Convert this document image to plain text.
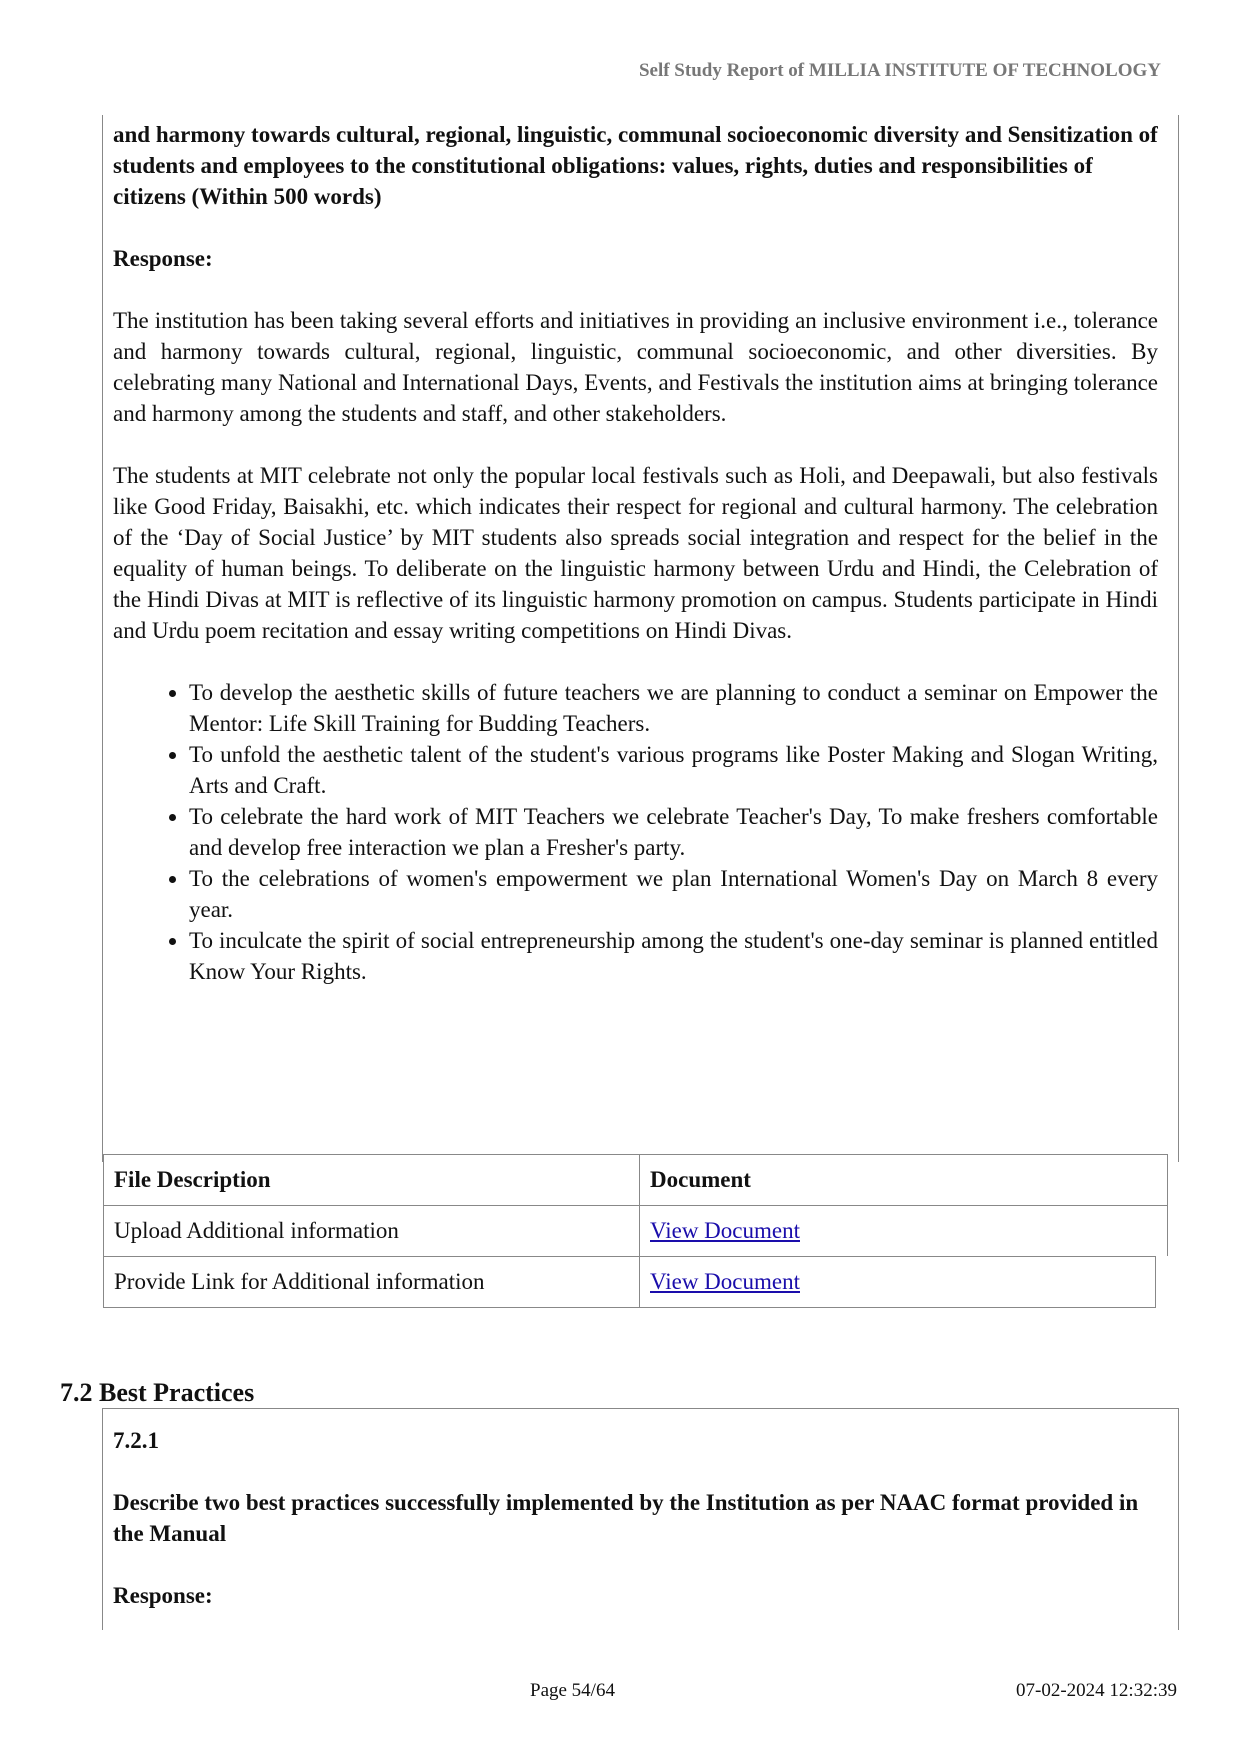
Self Study Report of MILLIA INSTITUTE OF TECHNOLOGY

and harmony towards cultural, regional, linguistic, communal socioeconomic diversity and Sensitization of students and employees to the constitutional obligations: values, rights, duties and responsibilities of citizens (Within 500 words)

Response:

The institution has been taking several efforts and initiatives in providing an inclusive environment i.e., tolerance and harmony towards cultural, regional, linguistic, communal socioeconomic, and other diversities. By celebrating many National and International Days, Events, and Festivals the institution aims at bringing tolerance and harmony among the students and staff, and other stakeholders.

The students at MIT celebrate not only the popular local festivals such as Holi, and Deepawali, but also festivals like Good Friday, Baisakhi, etc. which indicates their respect for regional and cultural harmony. The celebration of the ‘Day of Social Justice’ by MIT students also spreads social integration and respect for the belief in the equality of human beings. To deliberate on the linguistic harmony between Urdu and Hindi, the Celebration of the Hindi Divas at MIT is reflective of its linguistic harmony promotion on campus. Students participate in Hindi and Urdu poem recitation and essay writing competitions on Hindi Divas.

• To develop the aesthetic skills of future teachers we are planning to conduct a seminar on Empower the Mentor: Life Skill Training for Budding Teachers.
• To unfold the aesthetic talent of the student's various programs like Poster Making and Slogan Writing, Arts and Craft.
• To celebrate the hard work of MIT Teachers we celebrate Teacher's Day, To make freshers comfortable and develop free interaction we plan a Fresher's party.
• To the celebrations of women's empowerment we plan International Women's Day on March 8 every year.
• To inculcate the spirit of social entrepreneurship among the student's one-day seminar is planned entitled Know Your Rights.
File Description	Document
Upload Additional information	View Document
Provide Link for Additional information	View Document
7.2 Best Practices

7.2.1

Describe two best practices successfully implemented by the Institution as per NAAC format provided in the Manual

Response:

Page 54/64	07-02-2024 12:32:39
